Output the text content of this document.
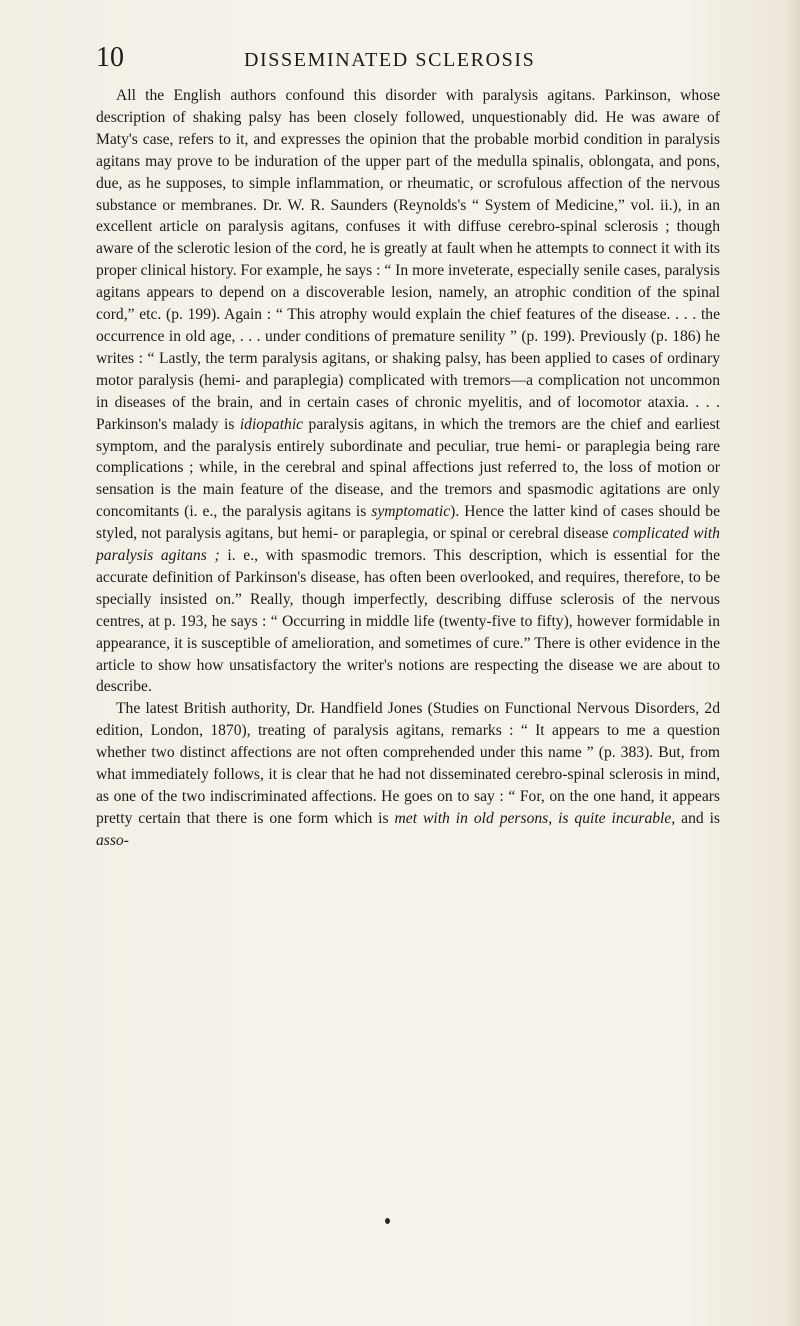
10	DISSEMINATED SCLEROSIS

All the English authors confound this disorder with paralysis agitans. Parkinson, whose description of shaking palsy has been closely followed, unquestionably did. He was aware of Maty's case, refers to it, and expresses the opinion that the probable morbid condition in paralysis agitans may prove to be induration of the upper part of the medulla spinalis, oblongata, and pons, due, as he supposes, to simple inflammation, or rheumatic, or scrofulous affection of the nervous substance or membranes. Dr. W. R. Saunders (Reynolds's “ System of Medicine,” vol. ii.), in an excellent article on paralysis agitans, confuses it with diffuse cerebro-spinal sclerosis ; though aware of the sclerotic lesion of the cord, he is greatly at fault when he attempts to connect it with its proper clinical history. For example, he says : “ In more inveterate, especially senile cases, paralysis agitans appears to depend on a discoverable lesion, namely, an atrophic condition of the spinal cord,” etc. (p. 199). Again : “ This atrophy would explain the chief features of the disease. . . . the occurrence in old age, . . . under conditions of premature senility ” (p. 199). Previously (p. 186) he writes : “ Lastly, the term paralysis agitans, or shaking palsy, has been applied to cases of ordinary motor paralysis (hemi- and paraplegia) complicated with tremors—a complication not uncommon in diseases of the brain, and in certain cases of chronic myelitis, and of locomotor ataxia. . . . Parkinson's malady is idiopathic paralysis agitans, in which the tremors are the chief and earliest symptom, and the paralysis entirely subordinate and peculiar, true hemi- or paraplegia being rare complications ; while, in the cerebral and spinal affections just referred to, the loss of motion or sensation is the main feature of the disease, and the tremors and spasmodic agitations are only concomitants (i. e., the paralysis agitans is symptomatic). Hence the latter kind of cases should be styled, not paralysis agitans, but hemi- or paraplegia, or spinal or cerebral disease complicated with paralysis agitans ; i. e., with spasmodic tremors. This description, which is essential for the accurate definition of Parkinson's disease, has often been overlooked, and requires, therefore, to be specially insisted on.” Really, though imperfectly, describing diffuse sclerosis of the nervous centres, at p. 193, he says : “ Occurring in middle life (twenty-five to fifty), however formidable in appearance, it is susceptible of amelioration, and sometimes of cure.” There is other evidence in the article to show how unsatisfactory the writer's notions are respecting the disease we are about to describe.

The latest British authority, Dr. Handfield Jones (Studies on Functional Nervous Disorders, 2d edition, London, 1870), treating of paralysis agitans, remarks : “ It appears to me a question whether two distinct affections are not often comprehended under this name ” (p. 383). But, from what immediately follows, it is clear that he had not disseminated cerebro-spinal sclerosis in mind, as one of the two indiscriminated affections. He goes on to say : “ For, on the one hand, it appears pretty certain that there is one form which is met with in old persons, is quite incurable, and is asso-
